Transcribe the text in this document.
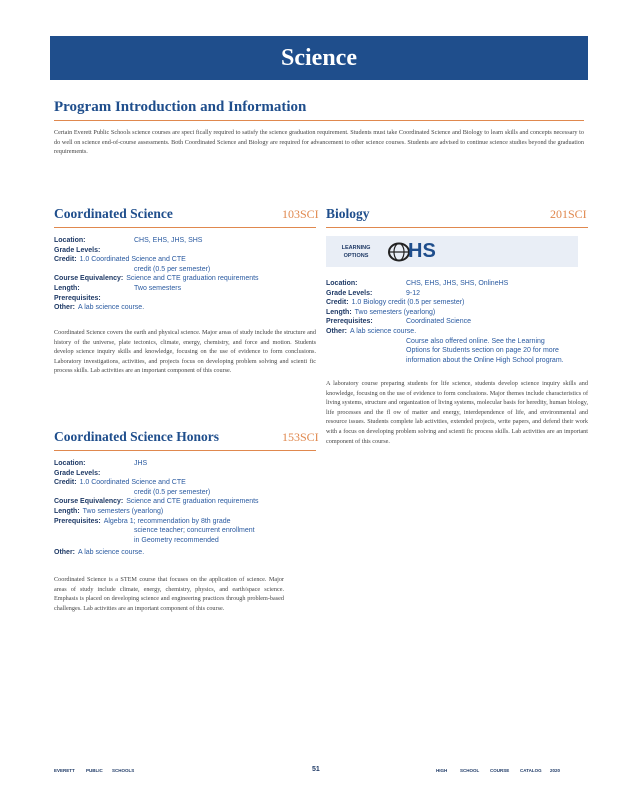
Science
Program Introduction and Information
Certain Everett Public Schools science courses are speci fically required to satisfy the science graduation requirement. Students must take Coordinated Science and Biology to learn skills and concepts necessary to do well on science end-of-course assessments. Both Coordinated Science and Biology are required for advancement to other science courses. Students are advised to continue science studies beyond the graduation requirements.
Coordinated Science	103SCI
Location:	CHS, EHS, JHS, SHS
Grade Levels:
Credit: 1.0 Coordinated Science and CTE
credit (0.5 per semester)
Course Equivalency: Science and CTE graduation requirements
Length:	Two semesters
Prerequisites:
Other: A lab science course.
Coordinated Science covers the earth and physical science. Major areas of study include the structure and history of the universe, plate tectonics, climate, energy, chemistry, and force and motion. Students develop science inquiry skills and knowledge, focusing on the use of evidence to form conclusions. Laboratory investigations, activities, and projects focus on developing problem solving and scienti fic process skills. Lab activities are an important component of this course.
Coordinated Science Honors	153SCI
Location:	JHS
Grade Levels:
Credit: 1.0 Coordinated Science and CTE
credit (0.5 per semester)
Course Equivalency: Science and CTE graduation requirements
Length: Two semesters (yearlong)
Prerequisites: Algebra 1; recommendation by 8th grade
science teacher; concurrent enrollment
in Geometry recommended
Other: A lab science course.
Coordinated Science is a STEM course that focuses on the application of science. Major areas of study include climate, energy, chemistry, physics, and earth/space science. Emphasis is placed on developing science and engineering practices through problem-based challenges. Lab activities are an important component of this course.
Biology	201SCI
LEARNING OPTIONS	HS
Location:	CHS, EHS, JHS, SHS, OnlineHS
Grade Levels:	9-12
Credit: 1.0 Biology credit (0.5 per semester)
Length: Two semesters (yearlong)
Prerequisites:	Coordinated Science
Other: A lab science course.
Course also offered online. See the Learning
Options for Students section on page 20 for more
information about the Online High School program.
A laboratory course preparing students for life science, students develop science inquiry skills and knowledge, focusing on the use of evidence to form conclusions. Major themes include characteristics of living systems, structure and organization of living systems, molecular basis for heredity, human biology, life processes and the fl ow of matter and energy, interdependence of life, and environmental and resource issues. Students complete lab activities, extended projects, write papers, and defend their work with a focus on developing problem solving and scienti fic process skills. Lab activities are an important component of this course.
EVERETT PUBLIC SCHOOLS	51	HIGH	SCHOOL COURSE CATALOG 2020
